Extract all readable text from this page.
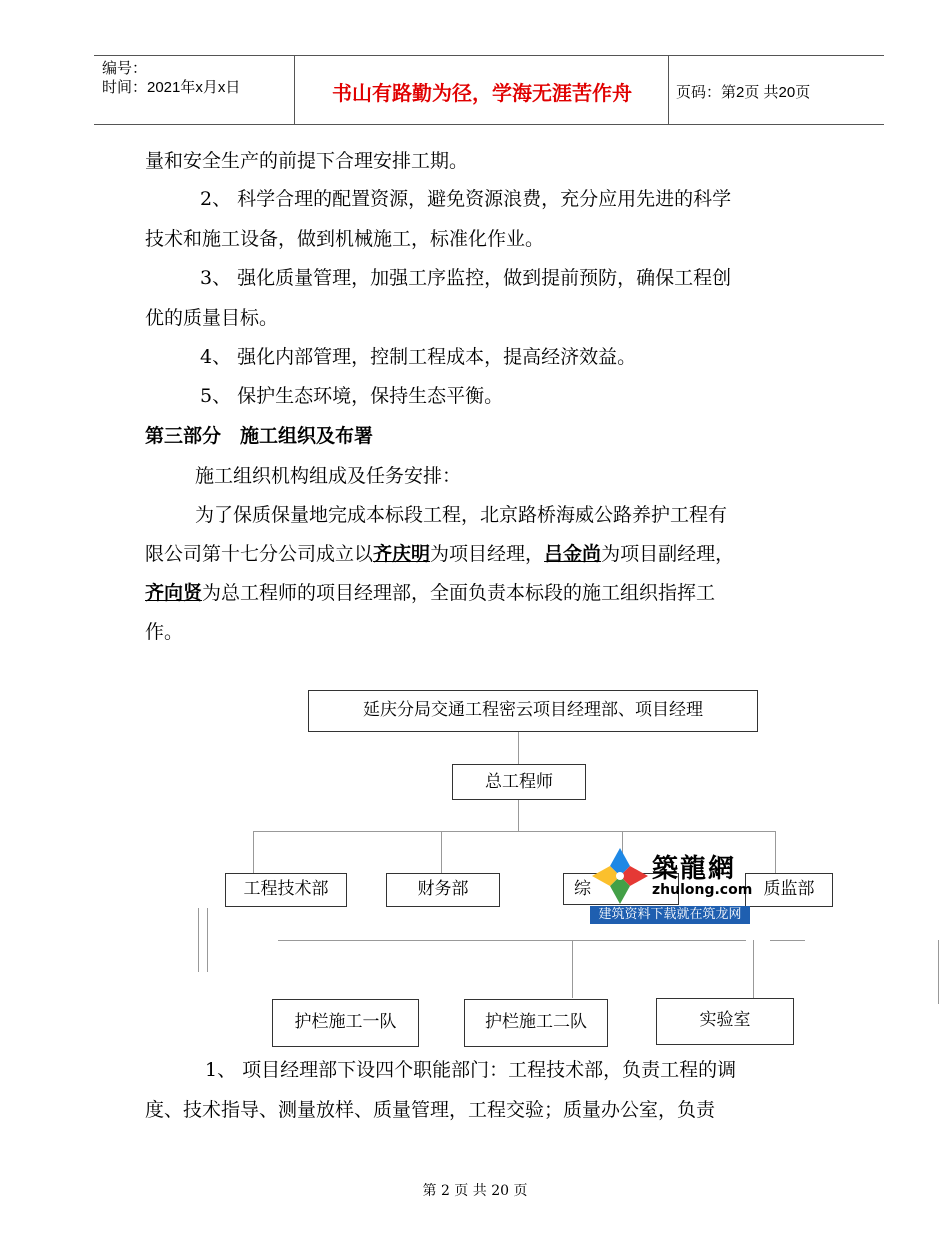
编号：
时间：2021年x月x日	书山有路勤为径，学海无涯苦作舟	页码：第2页 共20页
量和安全生产的前提下合理安排工期。
2、 科学合理的配置资源，避免资源浪费，充分应用先进的科学
技术和施工设备，做到机械施工，标准化作业。
3、 强化质量管理，加强工序监控，做到提前预防，确保工程创
优的质量目标。
4、 强化内部管理，控制工程成本，提高经济效益。
5、 保护生态环境，保持生态平衡。
第三部分　施工组织及布署
施工组织机构组成及任务安排：
为了保质保量地完成本标段工程，北京路桥海威公路养护工程有
限公司第十七分公司成立以齐庆明为项目经理，吕金尚为项目副经理，
齐向贤为总工程师的项目经理部，全面负责本标段的施工组织指挥工
作。
延庆分局交通工程密云项目经理部、项目经理
总工程师
工程技术部	财务部	综	质监部
护栏施工一队	护栏施工二队	实验室
築龍網
zhulong.com
建筑资料下载就在筑龙网
1、 项目经理部下设四个职能部门：工程技术部，负责工程的调
度、技术指导、测量放样、质量管理，工程交验；质量办公室，负责
第 2 页 共 20 页
